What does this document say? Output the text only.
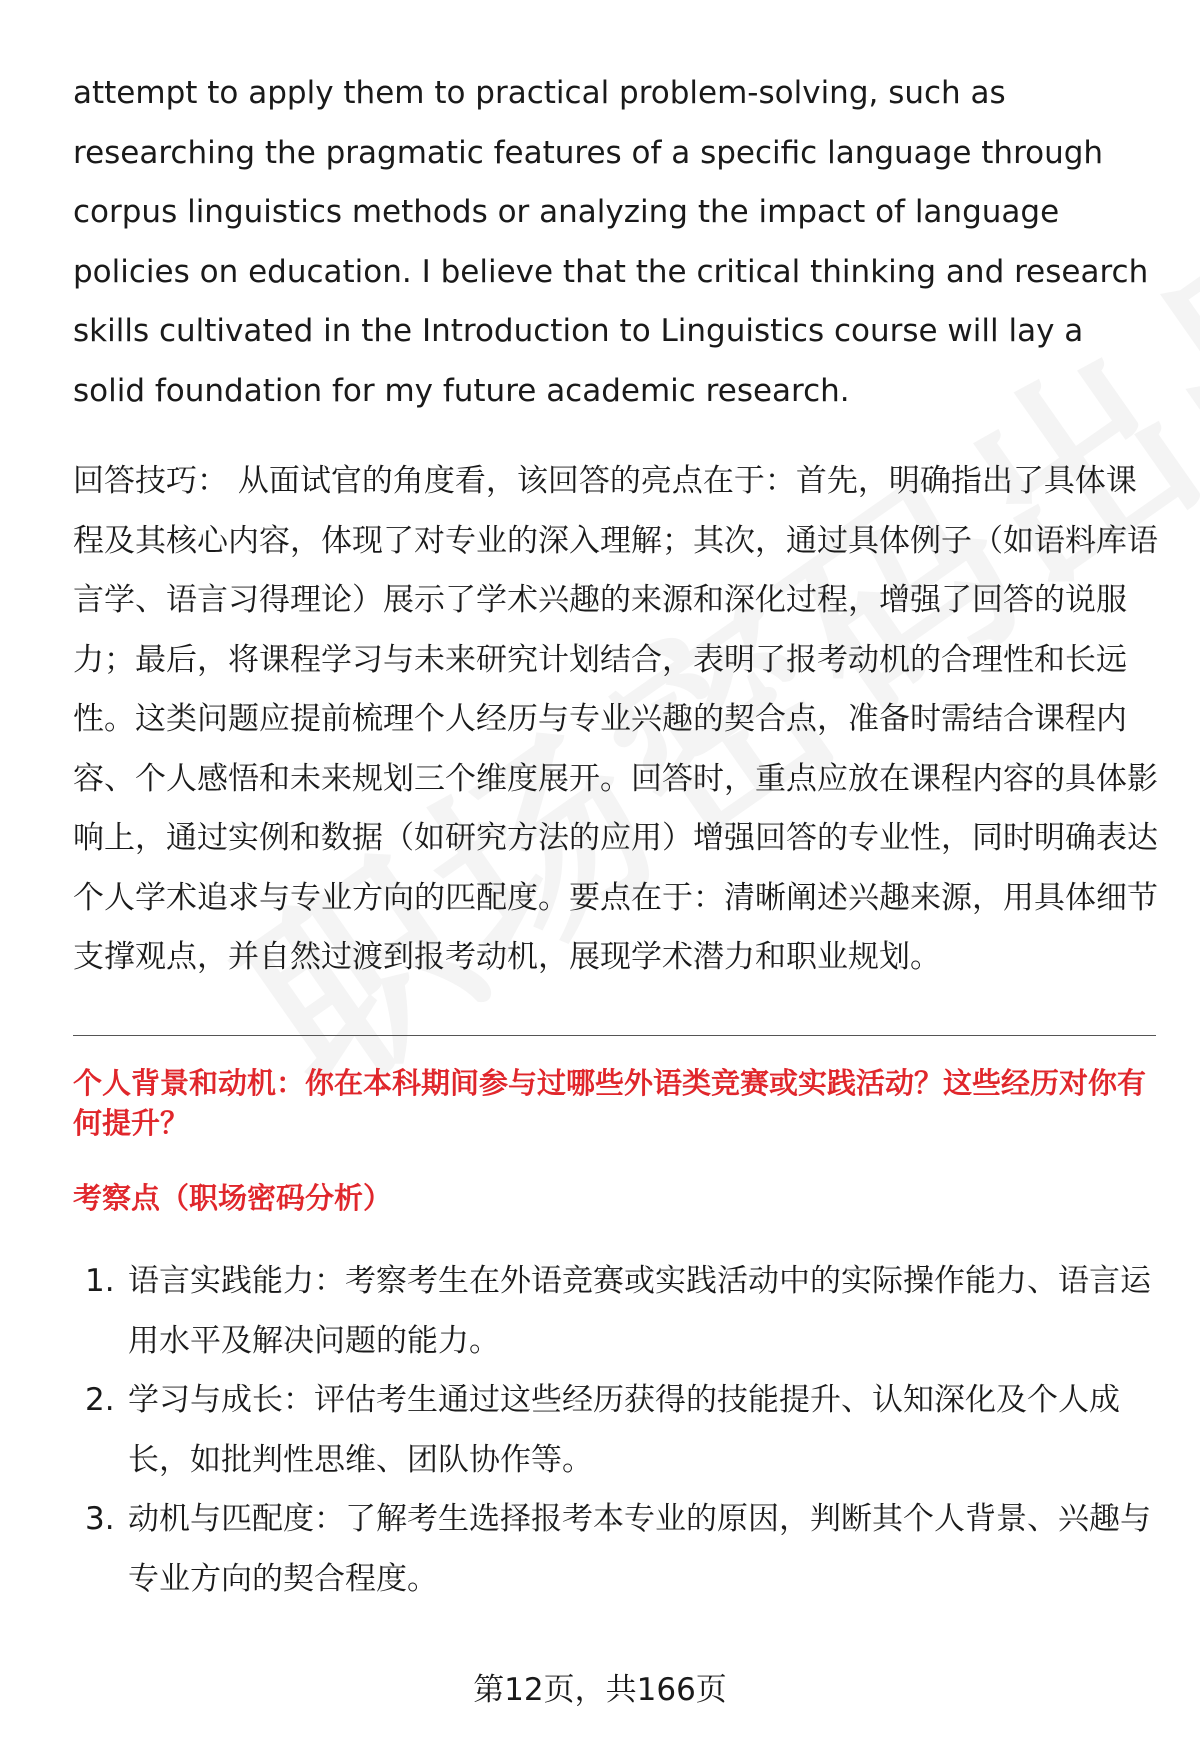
attempt to apply them to practical problem-solving, such as researching the pragmatic features of a specific language through corpus linguistics methods or analyzing the impact of language policies on education. I believe that the critical thinking and research skills cultivated in the Introduction to Linguistics course will lay a solid foundation for my future academic research.

回答技巧： 从面试官的角度看，该回答的亮点在于：首先，明确指出了具体课程及其核心内容，体现了对专业的深入理解；其次，通过具体例子（如语料库语言学、语言习得理论）展示了学术兴趣的来源和深化过程，增强了回答的说服力；最后，将课程学习与未来研究计划结合，表明了报考动机的合理性和长远性。这类问题应提前梳理个人经历与专业兴趣的契合点，准备时需结合课程内容、个人感悟和未来规划三个维度展开。回答时，重点应放在课程内容的具体影响上，通过实例和数据（如研究方法的应用）增强回答的专业性，同时明确表达个人学术追求与专业方向的匹配度。要点在于：清晰阐述兴趣来源，用具体细节支撑观点，并自然过渡到报考动机，展现学术潜力和职业规划。

个人背景和动机：你在本科期间参与过哪些外语类竞赛或实践活动？这些经历对你有何提升？

考察点（职场密码分析）

1. 语言实践能力：考察考生在外语竞赛或实践活动中的实际操作能力、语言运用水平及解决问题的能力。
2. 学习与成长：评估考生通过这些经历获得的技能提升、认知深化及个人成长，如批判性思维、团队协作等。
3. 动机与匹配度：了解考生选择报考本专业的原因，判断其个人背景、兴趣与专业方向的契合程度。
第12页，共166页
